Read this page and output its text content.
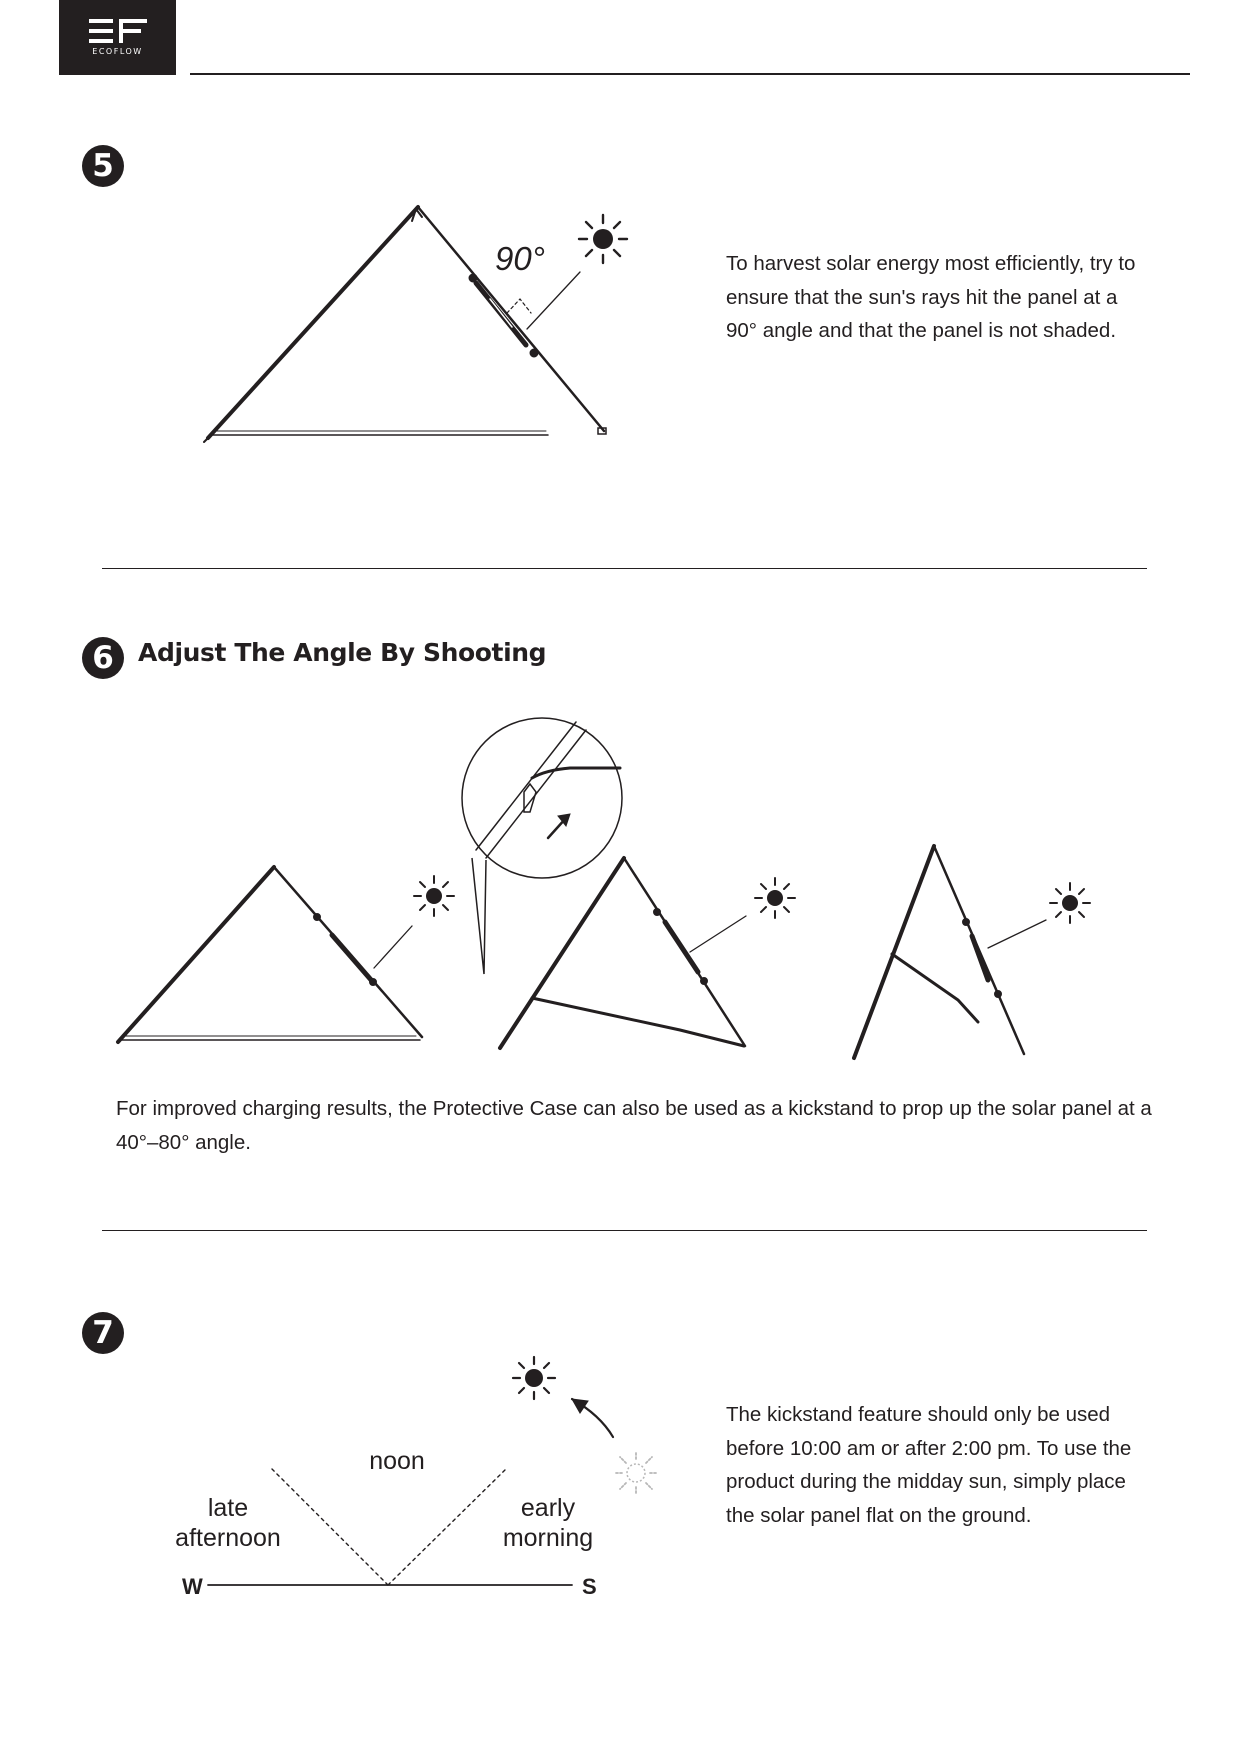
ECOFLOW
5
90°	To harvest solar energy most efficiently, try to ensure that the sun's rays hit the panel at a 90° angle and that the panel is not shaded.

6 Adjust The Angle By Shooting

For improved charging results, the Protective Case can also be used as a kickstand to prop up the solar panel at a 40°–80° angle.

7
noon
late
afternoon
early
morning
W	S

The kickstand feature should only be used before 10:00 am or after 2:00 pm. To use the product during the midday sun, simply place the solar panel flat on the ground.
